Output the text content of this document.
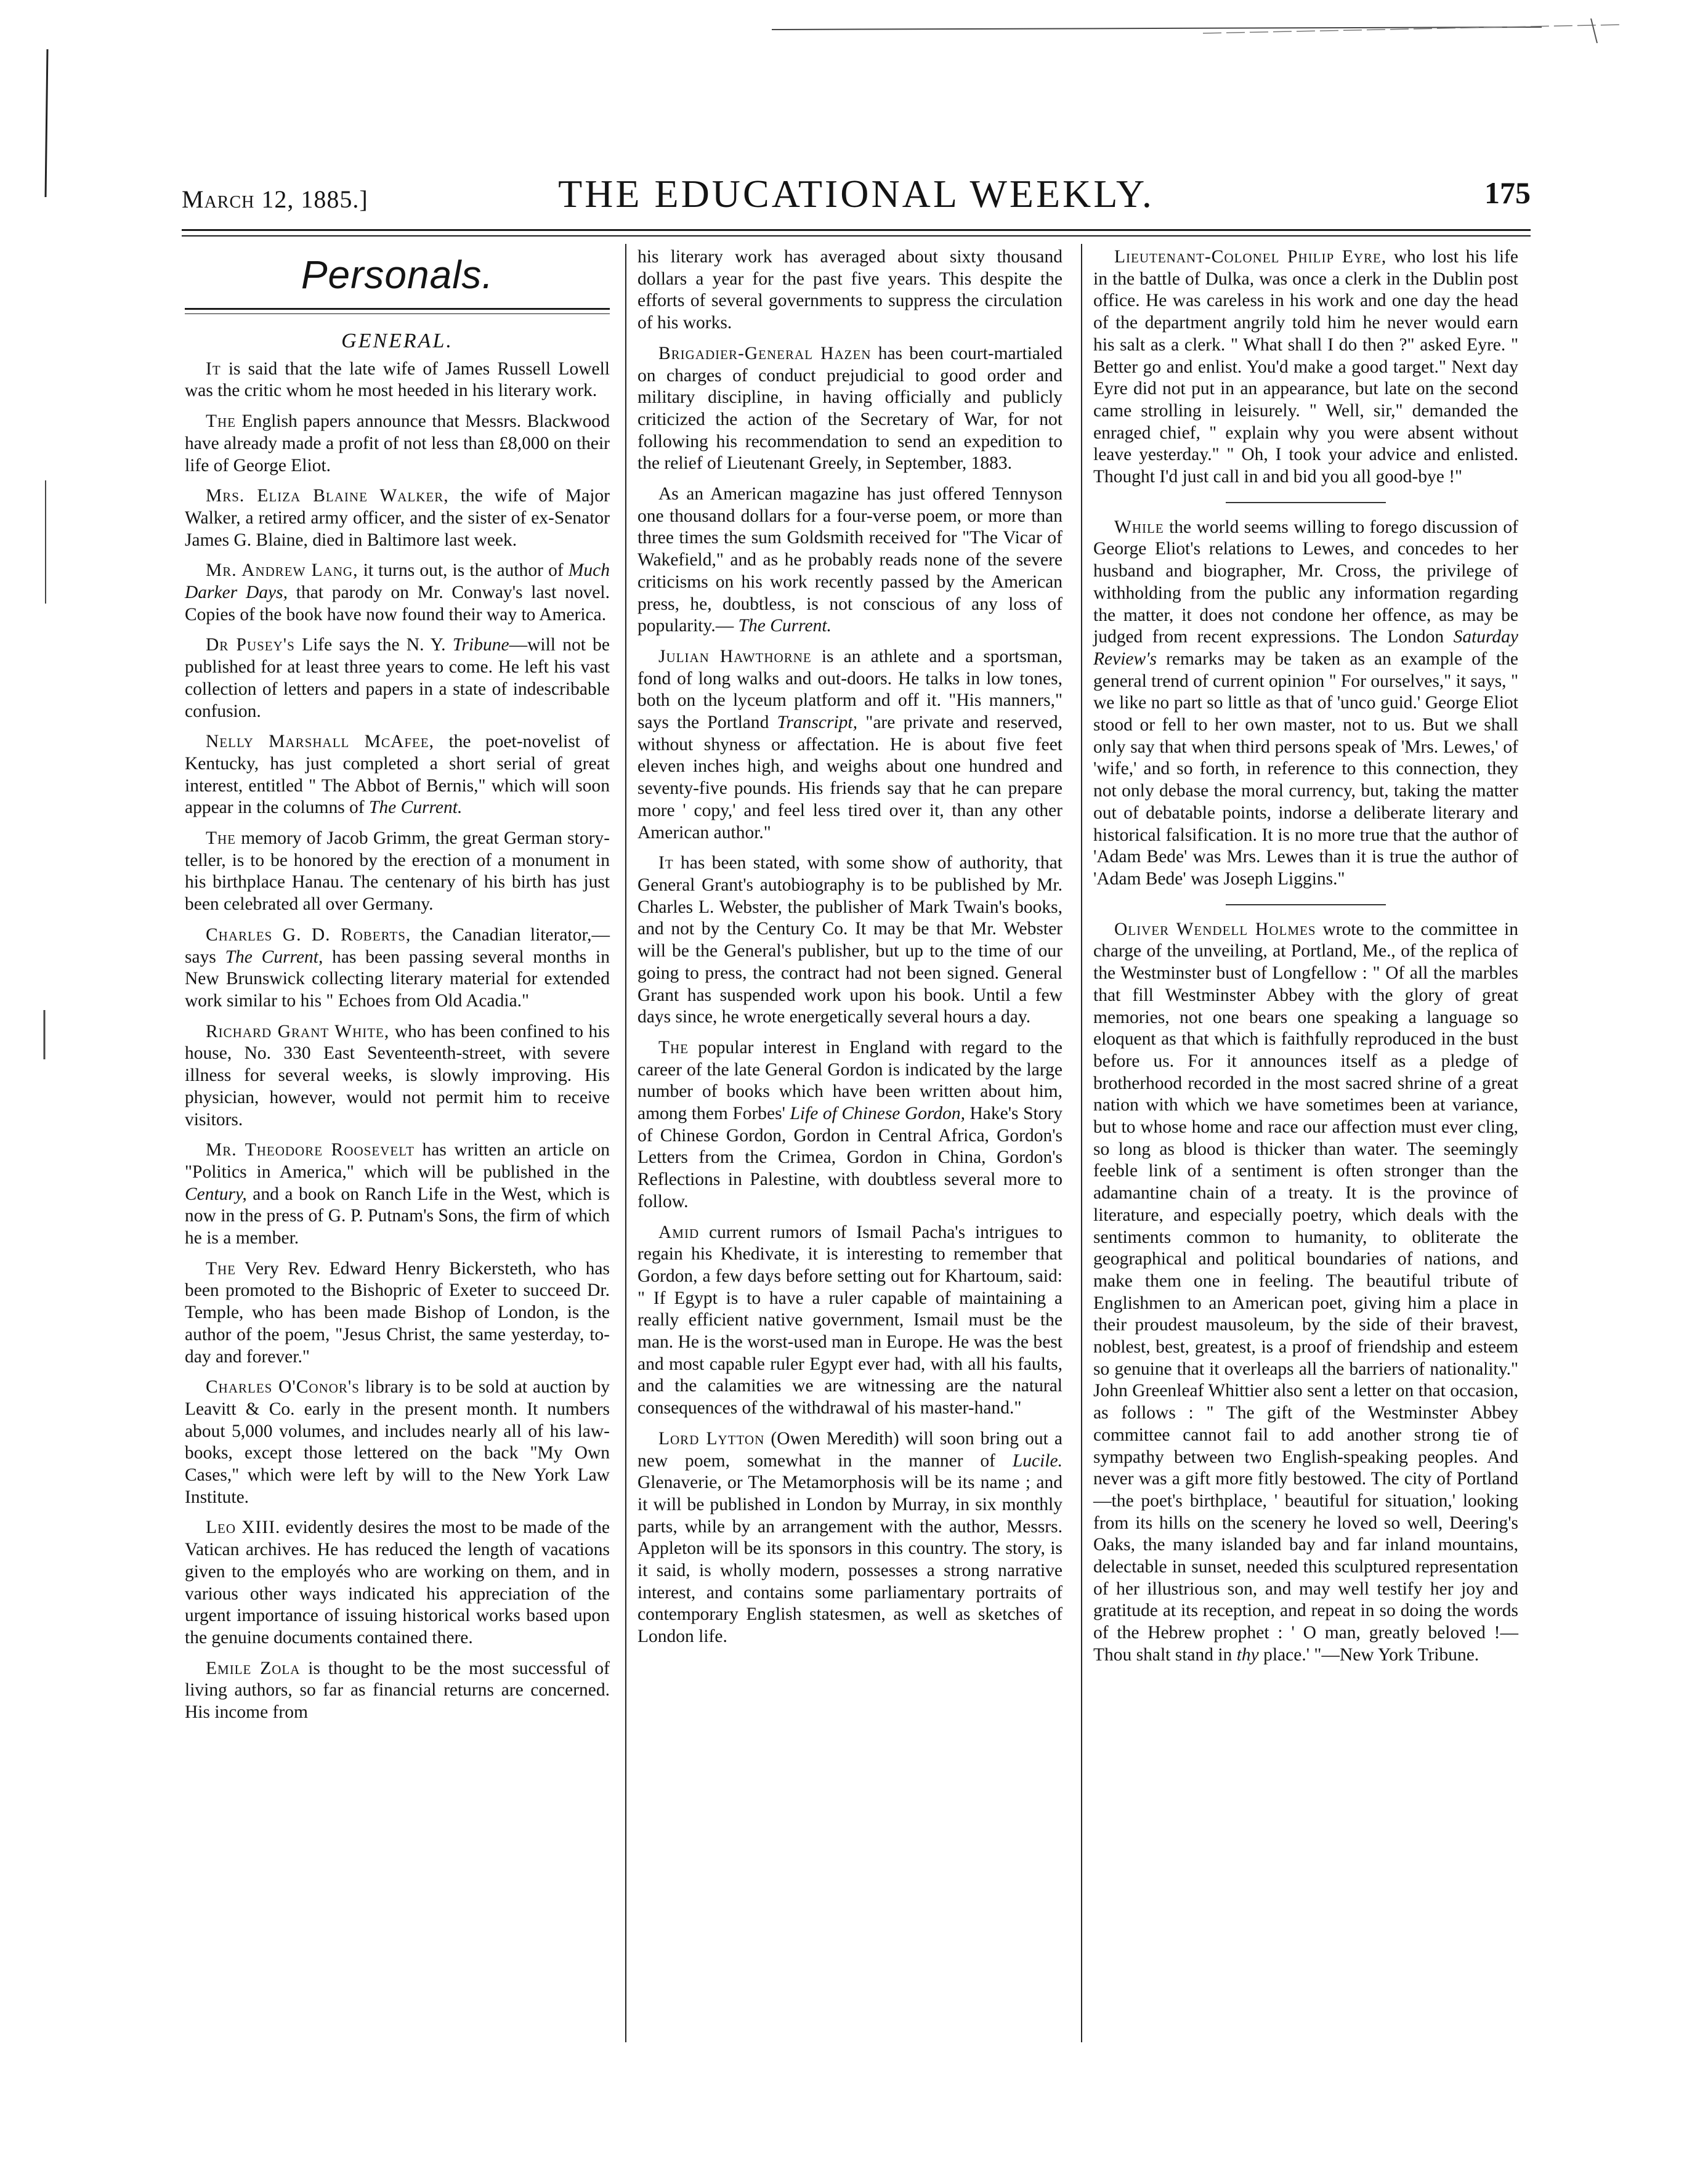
March 12, 1885.]	THE EDUCATIONAL WEEKLY.	175
Personals.
GENERAL.

It is said that the late wife of James Russell Lowell was the critic whom he most heeded in his literary work.

The English papers announce that Messrs. Blackwood have already made a profit of not less than £8,000 on their life of George Eliot.

Mrs. Eliza Blaine Walker, the wife of Major Walker, a retired army officer, and the sister of ex-Senator James G. Blaine, died in Baltimore last week.

Mr. Andrew Lang, it turns out, is the author of Much Darker Days, that parody on Mr. Conway's last novel. Copies of the book have now found their way to America.

Dr Pusey's Life says the N. Y. Tribune—will not be published for at least three years to come. He left his vast collection of letters and papers in a state of indescribable confusion.

Nelly Marshall McAfee, the poet-novelist of Kentucky, has just completed a short serial of great interest, entitled " The Abbot of Bernis," which will soon appear in the columns of The Current.

The memory of Jacob Grimm, the great German story-teller, is to be honored by the erection of a monument in his birthplace Hanau. The centenary of his birth has just been celebrated all over Germany.

Charles G. D. Roberts, the Canadian literator,—says The Current, has been passing several months in New Brunswick collecting literary material for extended work similar to his " Echoes from Old Acadia."

Richard Grant White, who has been confined to his house, No. 330 East Seventeenth-street, with severe illness for several weeks, is slowly improving. His physician, however, would not permit him to receive visitors.

Mr. Theodore Roosevelt has written an article on "Politics in America," which will be published in the Century, and a book on Ranch Life in the West, which is now in the press of G. P. Putnam's Sons, the firm of which he is a member.

The Very Rev. Edward Henry Bickersteth, who has been promoted to the Bishopric of Exeter to succeed Dr. Temple, who has been made Bishop of London, is the author of the poem, "Jesus Christ, the same yesterday, to-day and forever."

Charles O'Conor's library is to be sold at auction by Leavitt & Co. early in the present month. It numbers about 5,000 volumes, and includes nearly all of his law-books, except those lettered on the back "My Own Cases," which were left by will to the New York Law Institute.

Leo XIII. evidently desires the most to be made of the Vatican archives. He has reduced the length of vacations given to the employés who are working on them, and in various other ways indicated his appreciation of the urgent importance of issuing historical works based upon the genuine documents contained there.

Emile Zola is thought to be the most successful of living authors, so far as financial returns are concerned. His income from

his literary work has averaged about sixty thousand dollars a year for the past five years. This despite the efforts of several governments to suppress the circulation of his works.

Brigadier-General Hazen has been court-martialed on charges of conduct prejudicial to good order and military discipline, in having officially and publicly criticized the action of the Secretary of War, for not following his recommendation to send an expedition to the relief of Lieutenant Greely, in September, 1883.

As an American magazine has just offered Tennyson one thousand dollars for a four-verse poem, or more than three times the sum Goldsmith received for "The Vicar of Wakefield," and as he probably reads none of the severe criticisms on his work recently passed by the American press, he, doubtless, is not conscious of any loss of popularity.— The Current.

Julian Hawthorne is an athlete and a sportsman, fond of long walks and out-doors. He talks in low tones, both on the lyceum platform and off it. "His manners," says the Portland Transcript, "are private and reserved, without shyness or affectation. He is about five feet eleven inches high, and weighs about one hundred and seventy-five pounds. His friends say that he can prepare more ' copy,' and feel less tired over it, than any other American author."

It has been stated, with some show of authority, that General Grant's autobiography is to be published by Mr. Charles L. Webster, the publisher of Mark Twain's books, and not by the Century Co. It may be that Mr. Webster will be the General's publisher, but up to the time of our going to press, the contract had not been signed. General Grant has suspended work upon his book. Until a few days since, he wrote energetically several hours a day.

The popular interest in England with regard to the career of the late General Gordon is indicated by the large number of books which have been written about him, among them Forbes' Life of Chinese Gordon, Hake's Story of Chinese Gordon, Gordon in Central Africa, Gordon's Letters from the Crimea, Gordon in China, Gordon's Reflections in Palestine, with doubtless several more to follow.

Amid current rumors of Ismail Pacha's intrigues to regain his Khedivate, it is interesting to remember that Gordon, a few days before setting out for Khartoum, said: " If Egypt is to have a ruler capable of maintaining a really efficient native government, Ismail must be the man. He is the worst-used man in Europe. He was the best and most capable ruler Egypt ever had, with all his faults, and the calamities we are witnessing are the natural consequences of the withdrawal of his master-hand."

Lord Lytton (Owen Meredith) will soon bring out a new poem, somewhat in the manner of Lucile. Glenaverie, or The Metamorphosis will be its name ; and it will be published in London by Murray, in six monthly parts, while by an arrangement with the author, Messrs. Appleton will be its sponsors in this country. The story, is it said, is wholly modern, possesses a strong narrative interest, and contains some parliamentary portraits of contemporary English statesmen, as well as sketches of London life.

Lieutenant-Colonel Philip Eyre, who lost his life in the battle of Dulka, was once a clerk in the Dublin post office. He was careless in his work and one day the head of the department angrily told him he never would earn his salt as a clerk. " What shall I do then ?" asked Eyre. " Better go and enlist. You'd make a good target." Next day Eyre did not put in an appearance, but late on the second came strolling in leisurely. " Well, sir," demanded the enraged chief, " explain why you were absent without leave yesterday." " Oh, I took your advice and enlisted. Thought I'd just call in and bid you all good-bye !"

While the world seems willing to forego discussion of George Eliot's relations to Lewes, and concedes to her husband and biographer, Mr. Cross, the privilege of withholding from the public any information regarding the matter, it does not condone her offence, as may be judged from recent expressions. The London Saturday Review's remarks may be taken as an example of the general trend of current opinion " For ourselves," it says, " we like no part so little as that of 'unco guid.' George Eliot stood or fell to her own master, not to us. But we shall only say that when third persons speak of 'Mrs. Lewes,' of 'wife,' and so forth, in reference to this connection, they not only debase the moral currency, but, taking the matter out of debatable points, indorse a deliberate literary and historical falsification. It is no more true that the author of 'Adam Bede' was Mrs. Lewes than it is true the author of 'Adam Bede' was Joseph Liggins."

Oliver Wendell Holmes wrote to the committee in charge of the unveiling, at Portland, Me., of the replica of the Westminster bust of Longfellow : " Of all the marbles that fill Westminster Abbey with the glory of great memories, not one bears one speaking a language so eloquent as that which is faithfully reproduced in the bust before us. For it announces itself as a pledge of brotherhood recorded in the most sacred shrine of a great nation with which we have sometimes been at variance, but to whose home and race our affection must ever cling, so long as blood is thicker than water. The seemingly feeble link of a sentiment is often stronger than the adamantine chain of a treaty. It is the province of literature, and especially poetry, which deals with the sentiments common to humanity, to obliterate the geographical and political boundaries of nations, and make them one in feeling. The beautiful tribute of Englishmen to an American poet, giving him a place in their proudest mausoleum, by the side of their bravest, noblest, best, greatest, is a proof of friendship and esteem so genuine that it overleaps all the barriers of nationality." John Greenleaf Whittier also sent a letter on that occasion, as follows : " The gift of the Westminster Abbey committee cannot fail to add another strong tie of sympathy between two English-speaking peoples. And never was a gift more fitly bestowed. The city of Portland—the poet's birthplace, ' beautiful for situation,' looking from its hills on the scenery he loved so well, Deering's Oaks, the many islanded bay and far inland mountains, delectable in sunset, needed this sculptured representation of her illustrious son, and may well testify her joy and gratitude at its reception, and repeat in so doing the words of the Hebrew prophet : ' O man, greatly beloved !— Thou shalt stand in thy place.' "—New York Tribune.
